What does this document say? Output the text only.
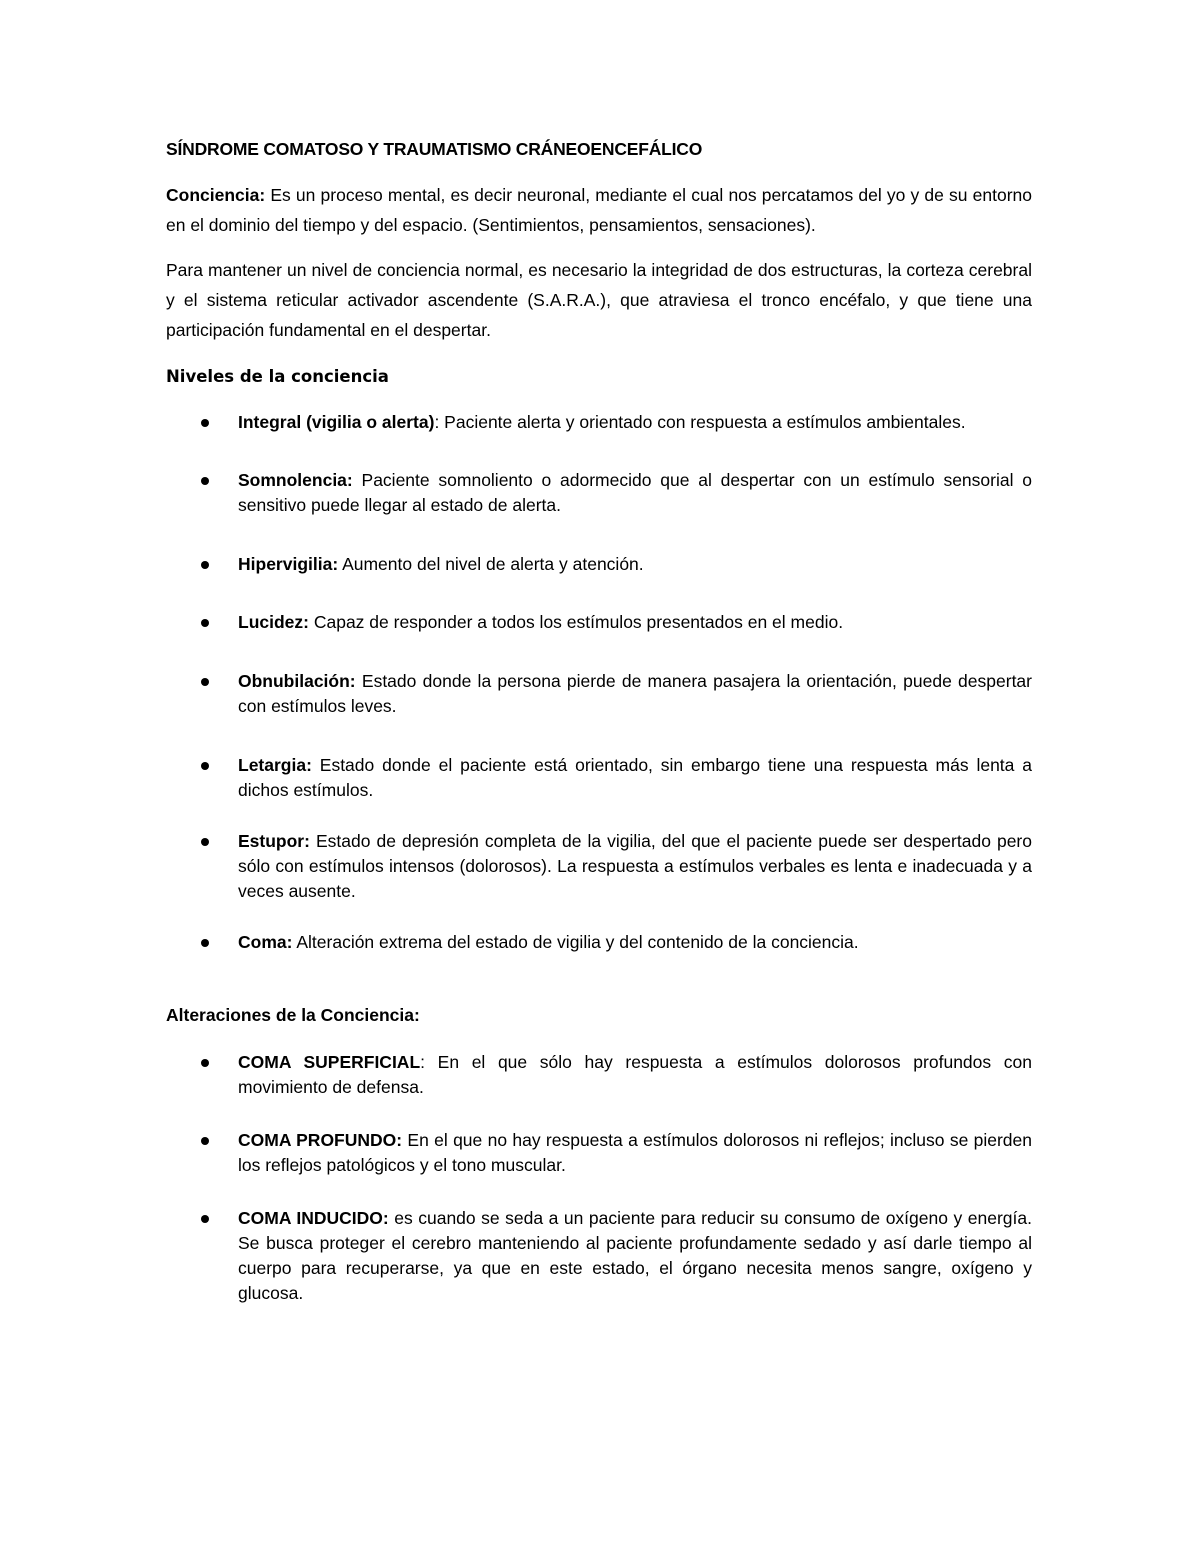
SÍNDROME COMATOSO Y TRAUMATISMO CRÁNEOENCEFÁLICO

Conciencia: Es un proceso mental, es decir neuronal, mediante el cual nos percatamos del yo y de su entorno en el dominio del tiempo y del espacio. (Sentimientos, pensamientos, sensaciones).

Para mantener un nivel de conciencia normal, es necesario la integridad de dos estructuras, la corteza cerebral y el sistema reticular activador ascendente (S.A.R.A.), que atraviesa el tronco encéfalo, y que tiene una participación fundamental en el despertar.

Niveles de la conciencia
Integral (vigilia o alerta): Paciente alerta y orientado con respuesta a estímulos ambientales.
Somnolencia: Paciente somnoliento o adormecido que al despertar con un estímulo sensorial o sensitivo puede llegar al estado de alerta.
Hipervigilia: Aumento del nivel de alerta y atención.
Lucidez: Capaz de responder a todos los estímulos presentados en el medio.
Obnubilación: Estado donde la persona pierde de manera pasajera la orientación, puede despertar con estímulos leves.
Letargia: Estado donde el paciente está orientado, sin embargo tiene una respuesta más lenta a dichos estímulos.
Estupor: Estado de depresión completa de la vigilia, del que el paciente puede ser despertado pero sólo con estímulos intensos (dolorosos). La respuesta a estímulos verbales es lenta e inadecuada y a veces ausente.
Coma: Alteración extrema del estado de vigilia y del contenido de la conciencia.
Alteraciones de la Conciencia:
COMA SUPERFICIAL: En el que sólo hay respuesta a estímulos dolorosos profundos con movimiento de defensa.
COMA PROFUNDO: En el que no hay respuesta a estímulos dolorosos ni reflejos; incluso se pierden los reflejos patológicos y el tono muscular.
COMA INDUCIDO: es cuando se seda a un paciente para reducir su consumo de oxígeno y energía. Se busca proteger el cerebro manteniendo al paciente profundamente sedado y así darle tiempo al cuerpo para recuperarse, ya que en este estado, el órgano necesita menos sangre, oxígeno y glucosa.
